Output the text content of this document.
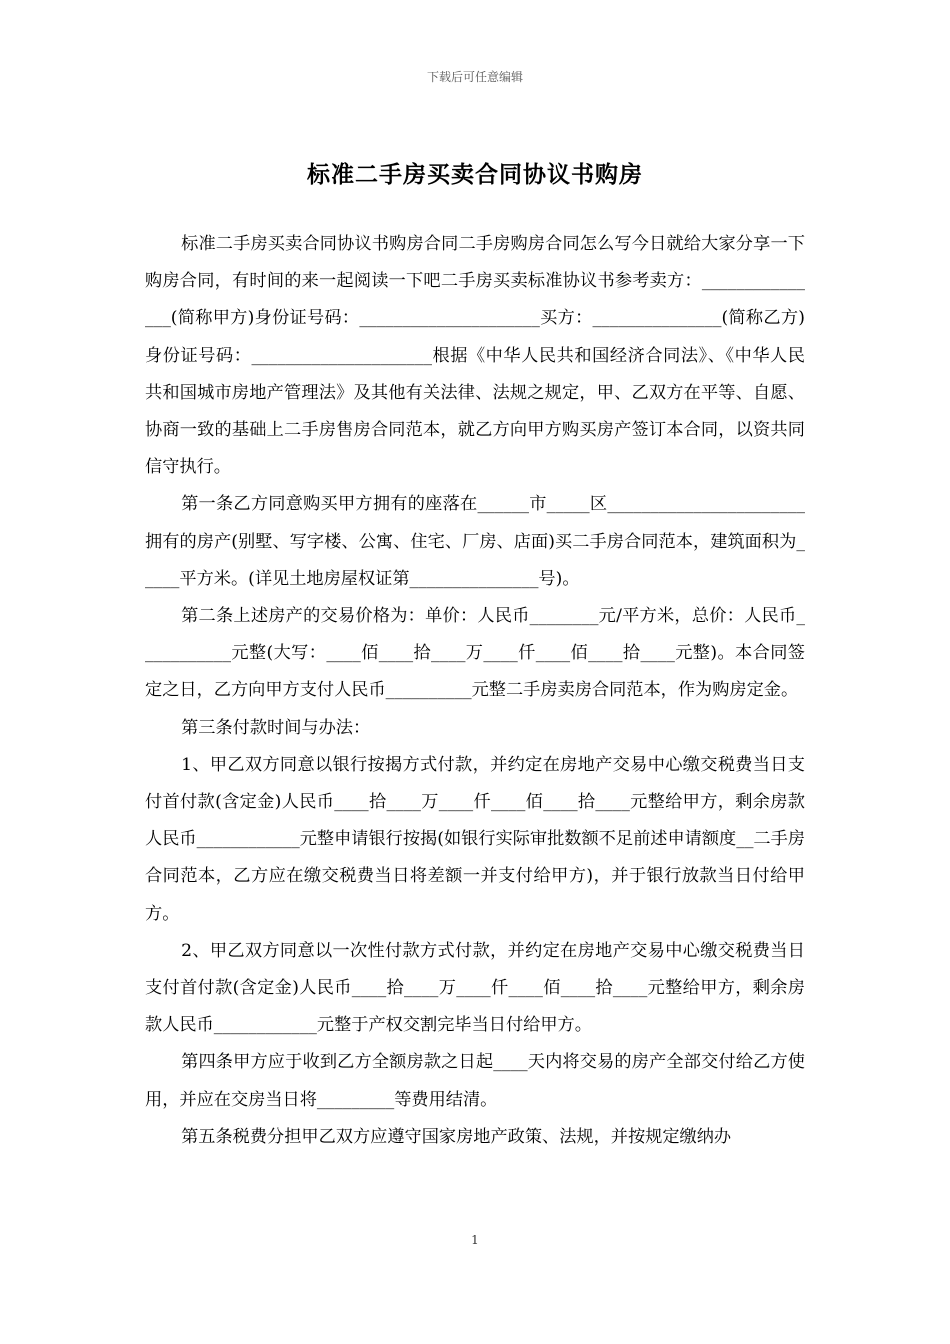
下载后可任意编辑
标准二手房买卖合同协议书购房

标准二手房买卖合同协议书购房合同二手房购房合同怎么写今日就给大家分享一下购房合同，有时间的来一起阅读一下吧二手房买卖标准协议书参考卖方：_______________(简称甲方)身份证号码：_____________________买方：_______________(简称乙方)身份证号码：_____________________根据《中华人民共和国经济合同法》、《中华人民共和国城市房地产管理法》及其他有关法律、法规之规定，甲、乙双方在平等、自愿、协商一致的基础上二手房售房合同范本，就乙方向甲方购买房产签订本合同，以资共同信守执行。

第一条乙方同意购买甲方拥有的座落在______市_____区_______________________拥有的房产(别墅、写字楼、公寓、住宅、厂房、店面)买二手房合同范本，建筑面积为_____平方米。(详见土地房屋权证第_______________号)。

第二条上述房产的交易价格为：单价：人民币________元/平方米，总价：人民币___________元整(大写：____佰____拾____万____仟____佰____拾____元整)。本合同签定之日，乙方向甲方支付人民币__________元整二手房卖房合同范本，作为购房定金。

第三条付款时间与办法：

1、甲乙双方同意以银行按揭方式付款，并约定在房地产交易中心缴交税费当日支付首付款(含定金)人民币____拾____万____仟____佰____拾____元整给甲方，剩余房款人民币____________元整申请银行按揭(如银行实际审批数额不足前述申请额度__二手房合同范本，乙方应在缴交税费当日将差额一并支付给甲方)，并于银行放款当日付给甲方。

2、甲乙双方同意以一次性付款方式付款，并约定在房地产交易中心缴交税费当日支付首付款(含定金)人民币____拾____万____仟____佰____拾____元整给甲方，剩余房款人民币____________元整于产权交割完毕当日付给甲方。

第四条甲方应于收到乙方全额房款之日起____天内将交易的房产全部交付给乙方使用，并应在交房当日将_________等费用结清。

第五条税费分担甲乙双方应遵守国家房地产政策、法规，并按规定缴纳办

1
